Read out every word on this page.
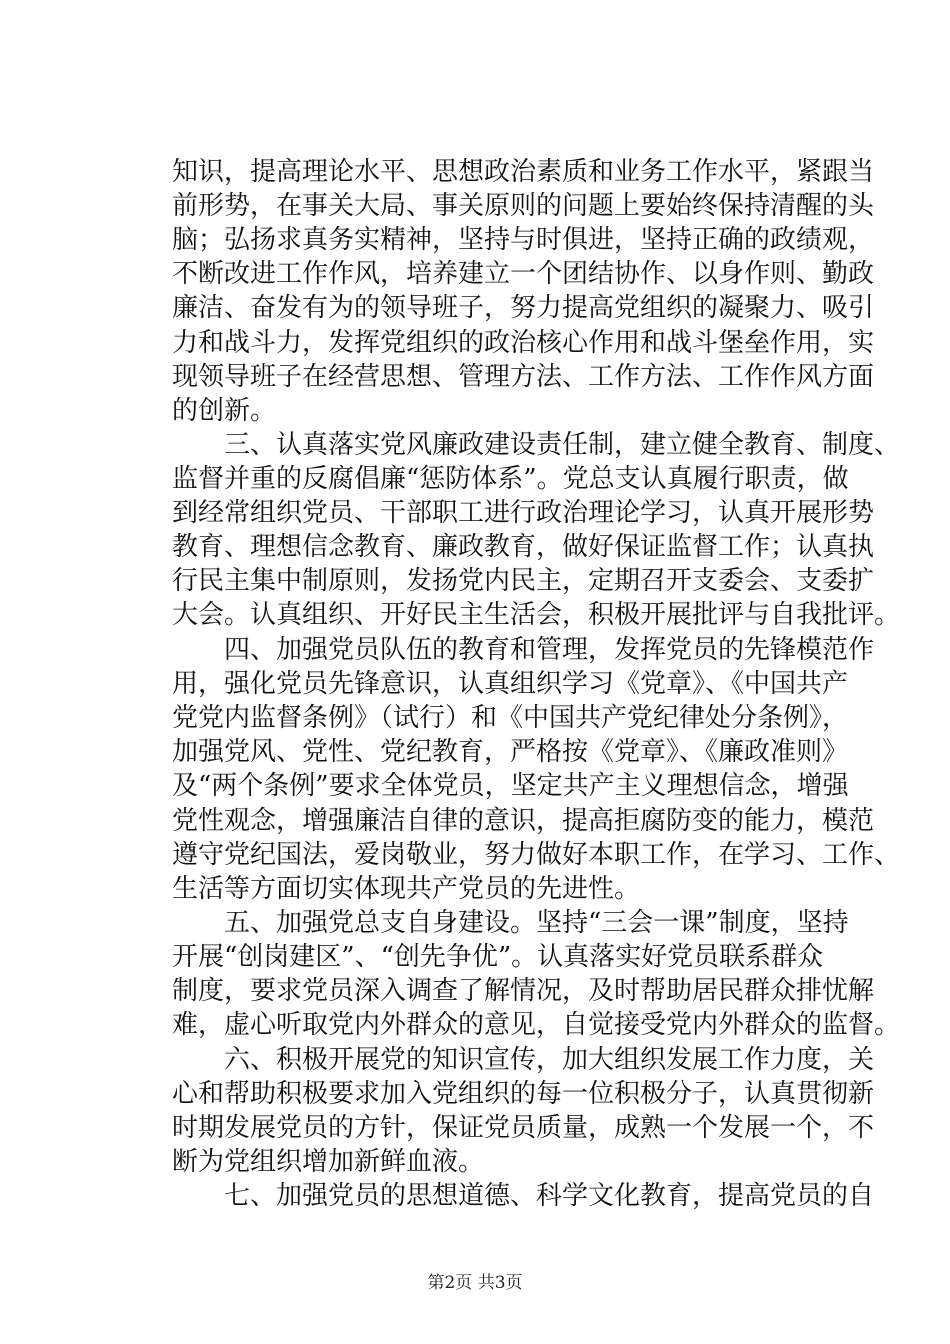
知识，提高理论水平、思想政治素质和业务工作水平，紧跟当
前形势，在事关大局、事关原则的问题上要始终保持清醒的头
脑；弘扬求真务实精神，坚持与时俱进，坚持正确的政绩观，
不断改进工作作风，培养建立一个团结协作、以身作则、勤政
廉洁、奋发有为的领导班子，努力提高党组织的凝聚力、吸引
力和战斗力，发挥党组织的政治核心作用和战斗堡垒作用，实
现领导班子在经营思想、管理方法、工作方法、工作作风方面
的创新。
　　三、认真落实党风廉政建设责任制，建立健全教育、制度、
监督并重的反腐倡廉“惩防体系”。党总支认真履行职责，做
到经常组织党员、干部职工进行政治理论学习，认真开展形势
教育、理想信念教育、廉政教育，做好保证监督工作；认真执
行民主集中制原则，发扬党内民主，定期召开支委会、支委扩
大会。认真组织、开好民主生活会，积极开展批评与自我批评。
　　四、加强党员队伍的教育和管理，发挥党员的先锋模范作
用，强化党员先锋意识，认真组织学习《党章》、《中国共产
党党内监督条例》（试行）和《中国共产党纪律处分条例》，
加强党风、党性、党纪教育，严格按《党章》、《廉政准则》
及“两个条例”要求全体党员，坚定共产主义理想信念，增强
党性观念，增强廉洁自律的意识，提高拒腐防变的能力，模范
遵守党纪国法，爱岗敬业，努力做好本职工作，在学习、工作、
生活等方面切实体现共产党员的先进性。
　　五、加强党总支自身建设。坚持“三会一课”制度，坚持
开展“创岗建区”、“创先争优”。认真落实好党员联系群众
制度，要求党员深入调查了解情况，及时帮助居民群众排忧解
难，虚心听取党内外群众的意见，自觉接受党内外群众的监督。
　　六、积极开展党的知识宣传，加大组织发展工作力度，关
心和帮助积极要求加入党组织的每一位积极分子，认真贯彻新
时期发展党员的方针，保证党员质量，成熟一个发展一个，不
断为党组织增加新鲜血液。
　　七、加强党员的思想道德、科学文化教育，提高党员的自
第2页 共3页
